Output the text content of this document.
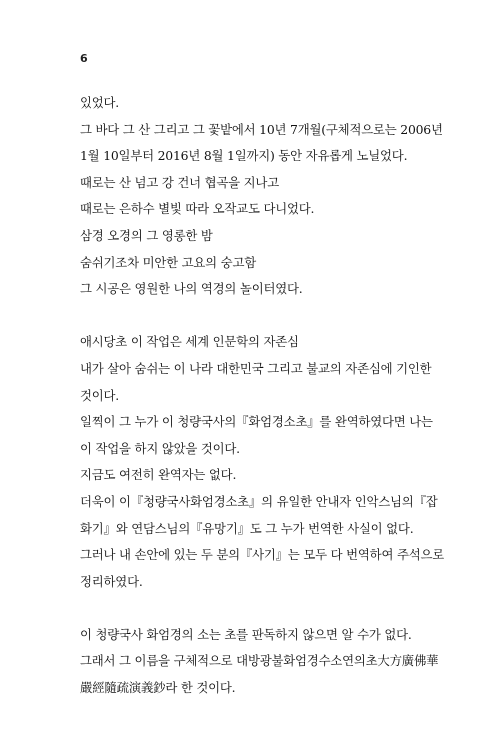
6
있었다.
그 바다 그 산 그리고 그 꽃밭에서 10년 7개월(구체적으로는 2006년
1월 10일부터 2016년 8월 1일까지) 동안 자유롭게 노닐었다.
때로는 산 넘고 강 건너 협곡을 지나고
때로는 은하수 별빛 따라 오작교도 다니었다.
삼경 오경의 그 영롱한 밤
숨쉬기조차 미안한 고요의 숭고함
그 시공은 영원한 나의 역경의 놀이터였다.
애시당초 이 작업은 세계 인문학의 자존심
내가 살아 숨쉬는 이 나라 대한민국 그리고 불교의 자존심에 기인한
것이다.
일찍이 그 누가 이 청량국사의『화엄경소초』를 완역하였다면 나는
이 작업을 하지 않았을 것이다.
지금도 여전히 완역자는 없다.
더욱이 이『청량국사화엄경소초』의 유일한 안내자 인악스님의『잡
화기』와 연담스님의『유망기』도 그 누가 번역한 사실이 없다.
그러나 내 손안에 있는 두 분의『사기』는 모두 다 번역하여 주석으로
정리하였다.
이 청량국사 화엄경의 소는 초를 판독하지 않으면 알 수가 없다.
그래서 그 이름을 구체적으로 대방광불화엄경수소연의초大方廣佛華
嚴經隨疏演義鈔라 한 것이다.
